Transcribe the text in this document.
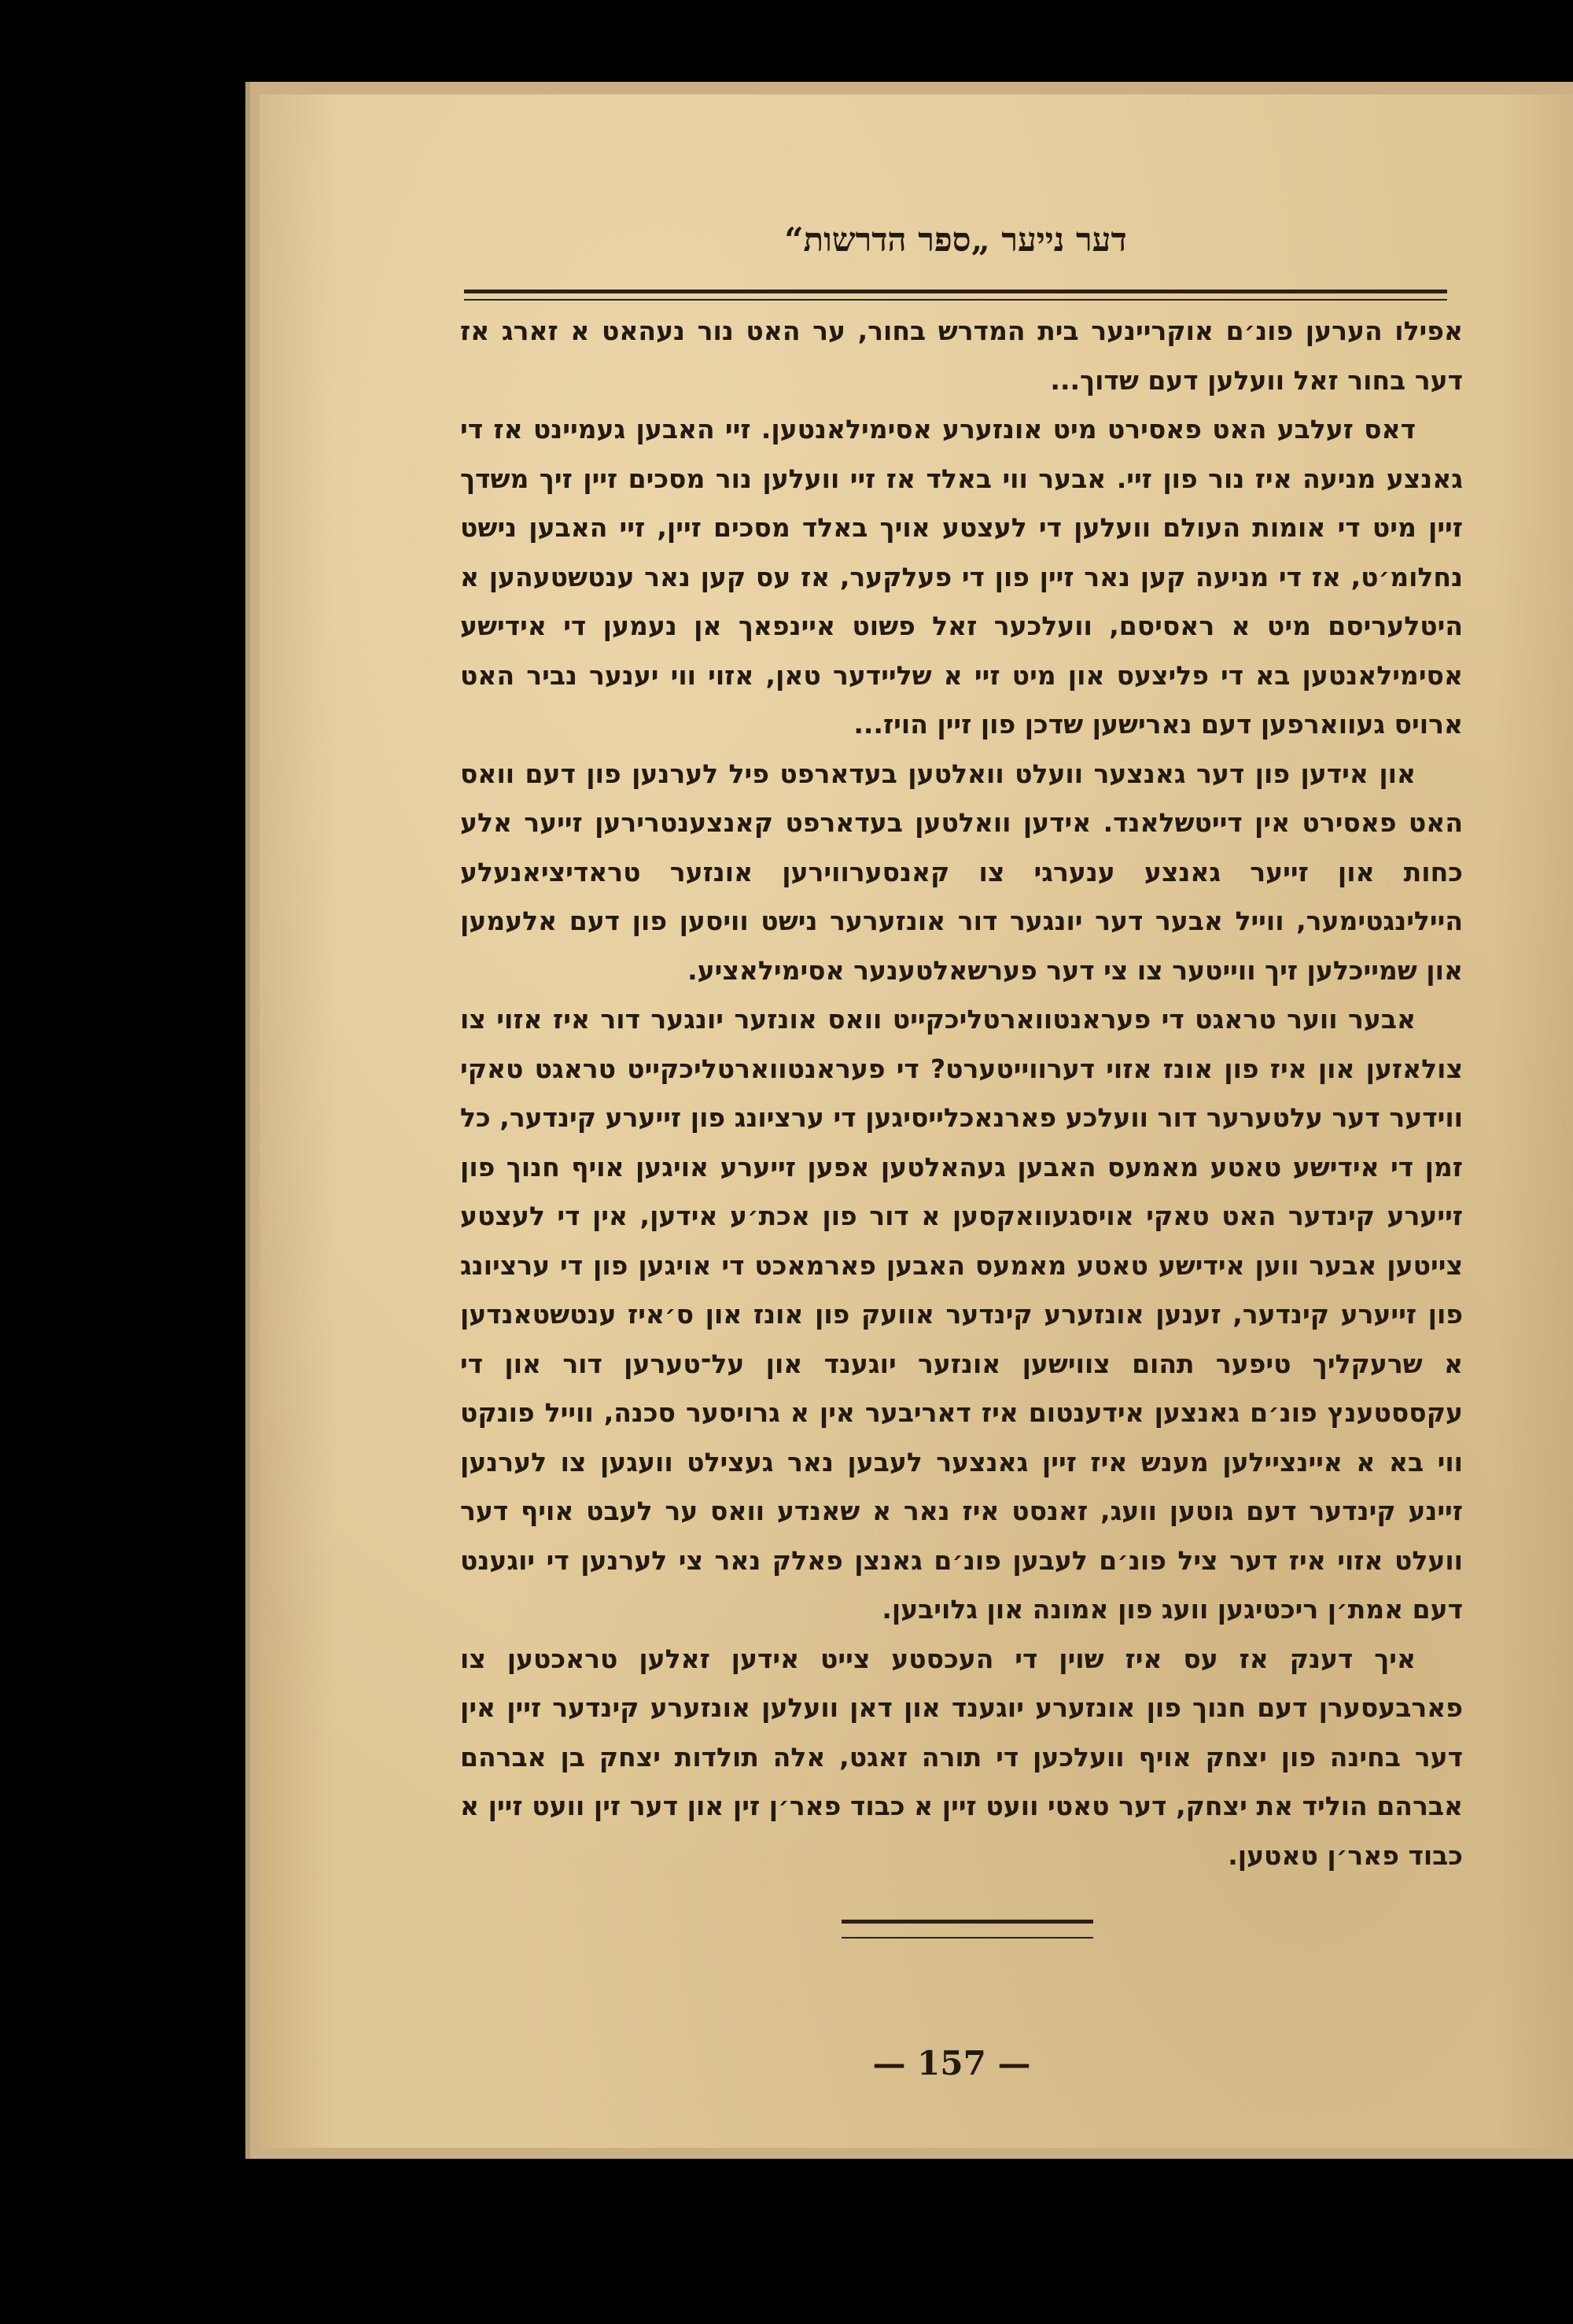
דער נייער „ספר הדרשות“

אפילו הערען פונ׳ם אוקריינער בית המדרש בחור, ער האט נור נעהאט א זארג אז דער בחור זאל וועלען דעם שדוך...

דאס זעלבע האט פאסירט מיט אונזערע אסימילאנטען. זיי האבען געמיינט אז די גאנצע מניעה איז נור פון זיי. אבער ווי באלד אז זיי וועלען נור מסכים זיין זיך משדך זיין מיט די אומות העולם וועלען די לעצטע אויך באלד מסכים זיין, זיי האבען נישט נחלומ׳ט, אז די מניעה קען נאר זיין פון די פעלקער, אז עס קען נאר ענטשטעהען א היטלעריסם מיט א ראסיסם, וועלכער זאל פשוט איינפאך אן נעמען די אידישע אסימילאנטען בא די פליצעס און מיט זיי א שליידער טאן, אזוי ווי יענער נביר האט ארויס געווארפען דעם נארישען שדכן פון זיין הויז...

און אידען פון דער גאנצער וועלט וואלטען בעדארפט פיל לערנען פון דעם וואס האט פאסירט אין דייטשלאנד. אידען וואלטען בעדארפט קאנצענטרירען זייער אלע כחות און זייער גאנצע ענערגי צו קאנסערווירען אונזער טראדיציאנעלע היילינגטימער, ווייל אבער דער יונגער דור אונזערער נישט וויסען פון דעם אלעמען און שמייכלען זיך ווייטער צו צי דער פערשאלטענער אסימילאציע.

אבער ווער טראגט די פעראנטווארטליכקייט וואס אונזער יונגער דור איז אזוי צו צולאזען און איז פון אונז אזוי דערווייטערט? די פעראנטווארטליכקייט טראגט טאקי ווידער דער עלטערער דור וועלכע פארנאכלייסיגען די ערציונג פון זייערע קינדער, כל זמן די אידישע טאטע מאמעס האבען געהאלטען אפען זייערע אויגען אויף חנוך פון זייערע קינדער האט טאקי אויסגעוואקסען א דור פון אכת׳ע אידען, אין די לעצטע צייטען אבער ווען אידישע טאטע מאמעס האבען פארמאכט די אויגען פון די ערציונג פון זייערע קינדער, זענען אונזערע קינדער אוועק פון אונז און ס׳איז ענטשטאנדען א שרעקליך טיפער תהום צווישען אונזער יוגענד און על־טערען דור און די עקססטענץ פונ׳ם גאנצען אידענטום איז דאריבער אין א גרויסער סכנה, ווייל פונקט ווי בא א איינציילען מענש איז זיין גאנצער לעבען נאר געצילט וועגען צו לערנען זיינע קינדער דעם גוטען וועג, זאנסט איז נאר א שאנדע וואס ער לעבט אויף דער וועלט אזוי איז דער ציל פונ׳ם לעבען פונ׳ם גאנצן פאלק נאר צי לערנען די יוגענט דעם אמת׳ן ריכטיגען וועג פון אמונה און גלויבען.

איך דענק אז עס איז שוין די העכסטע צייט אידען זאלען טראכטען צו פארבעסערן דעם חנוך פון אונזערע יוגענד און דאן וועלען אונזערע קינדער זיין אין דער בחינה פון יצחק אויף וועלכען די תורה זאגט, אלה תולדות יצחק בן אברהם אברהם הוליד את יצחק, דער טאטי וועט זיין א כבוד פאר׳ן זין און דער זין וועט זיין א כבוד פאר׳ן טאטען.

— 157 —
